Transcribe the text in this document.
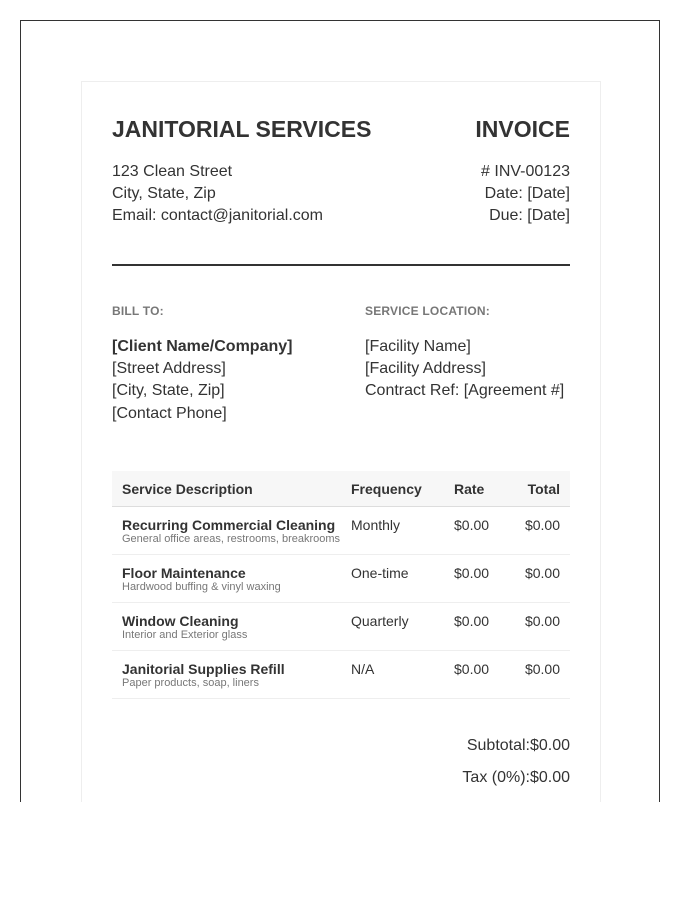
JANITORIAL SERVICES	INVOICE
123 Clean Street
City, State, Zip
Email: contact@janitorial.com
# INV-00123
Date: [Date]
Due: [Date]
BILL TO:
[Client Name/Company]
[Street Address]
[City, State, Zip]
[Contact Phone]
SERVICE LOCATION:
[Facility Name]
[Facility Address]
Contract Ref: [Agreement #]
Service Description	Frequency	Rate	Total

Recurring Commercial Cleaning
General office areas, restrooms, breakrooms	Monthly	$0.00	$0.00

Floor Maintenance
Hardwood buffing & vinyl waxing	One-time	$0.00	$0.00

Window Cleaning
Interior and Exterior glass	Quarterly	$0.00	$0.00

Janitorial Supplies Refill
Paper products, soap, liners	N/A	$0.00	$0.00
Subtotal: $0.00
Tax (0%): $0.00
